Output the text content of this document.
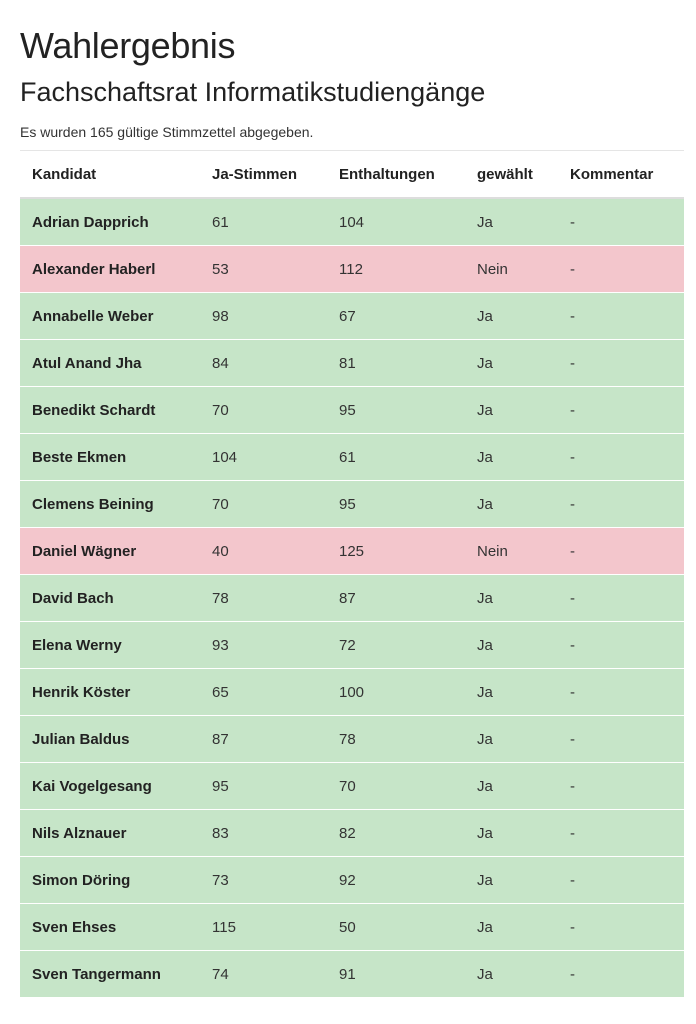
Wahlergebnis
Fachschaftsrat Informatikstudiengänge

Es wurden 165 gültige Stimmzettel abgegeben.

Kandidat	Ja-Stimmen	Enthaltungen	gewählt	Kommentar
Adrian Dapprich	61	104	Ja	-
Alexander Haberl	53	112	Nein	-
Annabelle Weber	98	67	Ja	-
Atul Anand Jha	84	81	Ja	-
Benedikt Schardt	70	95	Ja	-
Beste Ekmen	104	61	Ja	-
Clemens Beining	70	95	Ja	-
Daniel Wägner	40	125	Nein	-
David Bach	78	87	Ja	-
Elena Werny	93	72	Ja	-
Henrik Köster	65	100	Ja	-
Julian Baldus	87	78	Ja	-
Kai Vogelgesang	95	70	Ja	-
Nils Alznauer	83	82	Ja	-
Simon Döring	73	92	Ja	-
Sven Ehses	115	50	Ja	-
Sven Tangermann	74	91	Ja	-
